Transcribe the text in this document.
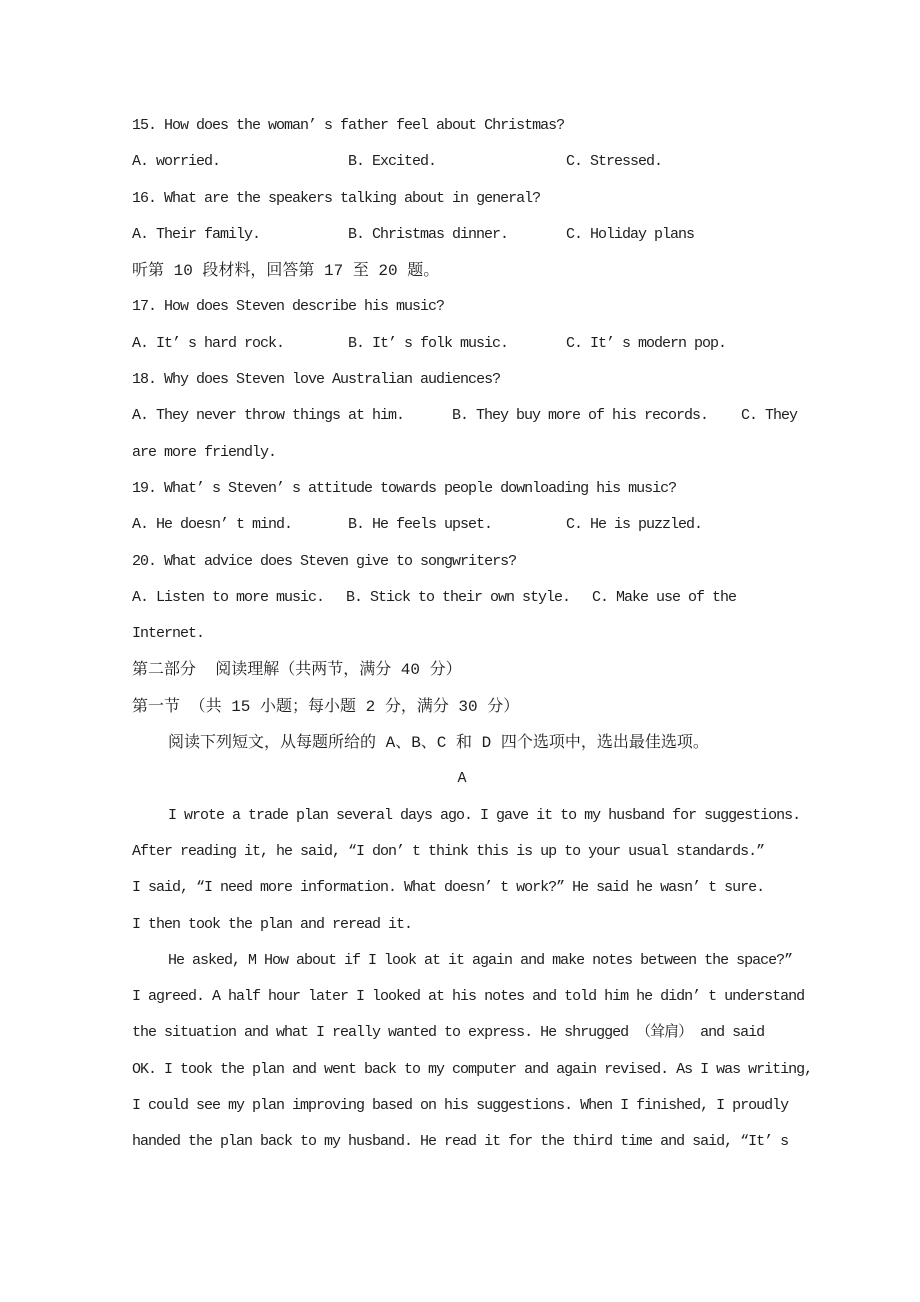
15. How does the woman’ s father feel about Christmas?

A. worried.

	B. Excited.

	C. Stressed.

16. What are the speakers talking about in general?

A. Their family.

	B. Christmas dinner.

	C. Holiday plans

听第 10 段材料，回答第 17 至 20 题。
17. How does Steven describe his music?

A. It’ s hard rock.

	B. It’ s folk music.

	C. It’ s modern pop.

18. Why does Steven love Australian audiences?

A. They never throw things at him.

	B. They buy more of his records.

C. They

are more friendly.
19. What’ s Steven’ s attitude towards people downloading his music?

A. He doesn’ t mind.

	B. He feels upset.

	C. He is puzzled.

20. What advice does Steven give to songwriters?

A. Listen to more music.

B. Stick to their own style.

C. Make use of the

Internet.
第二部分  阅读理解（共两节，满分 40 分）
第一节 （共 15 小题；每小题 2 分，满分 30 分）
阅读下列短文，从每题所给的 A、B、C 和 D 四个选项中，选出最佳选项。
A
I wrote a trade plan several days ago. I gave it to my husband for suggestions.
After reading it, he said, “I don’ t think this is up to your usual standards.”
I said, “I need more information. What doesn’ t work?” He said he wasn’ t sure.
I then took the plan and reread it.
He asked, M How about if I look at it again and make notes between the space?”
I agreed. A half hour later I looked at his notes and told him he didn’ t understand
the situation and what I really wanted to express. He shrugged （耸肩） and said
OK. I took the plan and went back to my computer and again revised. As I was writing,
I could see my plan improving based on his suggestions. When I finished, I proudly
handed the plan back to my husband. He read it for the third time and said, “It’ s
